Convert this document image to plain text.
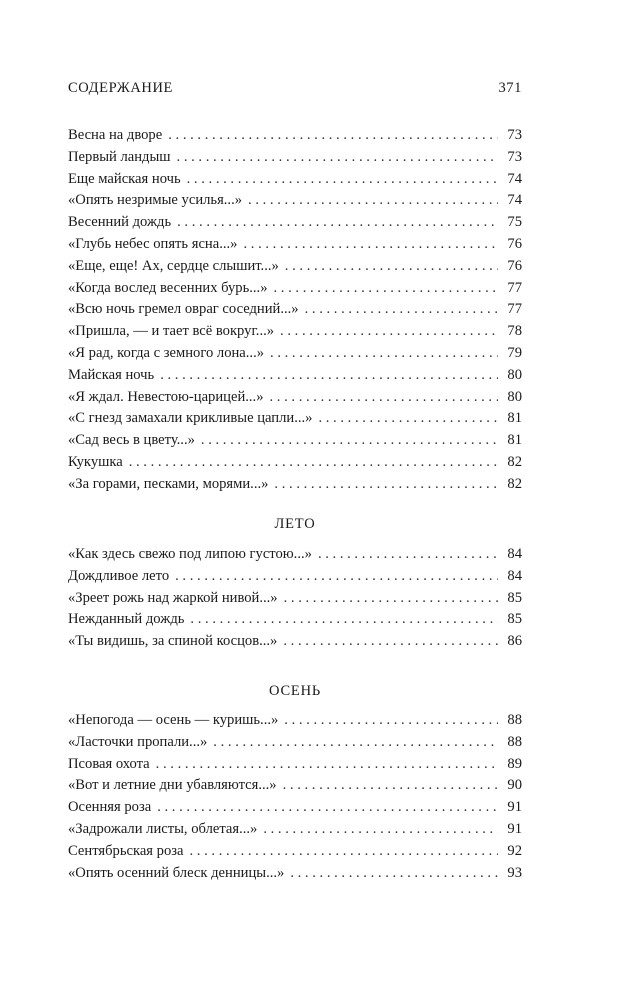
СОДЕРЖАНИЕ	371
Весна на дворе . . .	73
Первый ландыш . . .	73
Еще майская ночь . . .	74
«Опять незримые усилья...» . . .	74
Весенний дождь . . .	75
«Глубь небес опять ясна...» . . .	76
«Еще, еще! Ах, сердце слышит...» . . .	76
«Когда вослед весенних бурь...» . . .	77
«Всю ночь гремел овраг соседний...» . . .	77
«Пришла, — и тает всё вокруг...» . . .	78
«Я рад, когда с земного лона...» . . .	79
Майская ночь . . .	80
«Я ждал. Невестою-царицей...» . . .	80
«С гнезд замахали крикливые цапли...» . . .	81
«Сад весь в цвету...» . . .	81
Кукушка . . .	82
«За горами, песками, морями...» . . .	82
ЛЕТО
«Как здесь свежо под липою густою...» . . .	84
Дождливое лето . . .	84
«Зреет рожь над жаркой нивой...» . . .	85
Нежданный дождь . . .	85
«Ты видишь, за спиной косцов...» . . .	86
ОСЕНЬ
«Непогода — осень — куришь...» . . .	88
«Ласточки пропали...» . . .	88
Псовая охота . . .	89
«Вот и летние дни убавляются...» . . .	90
Осенняя роза . . .	91
«Задрожали листы, облетая...» . . .	91
Сентябрьская роза . . .	92
«Опять осенний блеск денницы...» . . .	93
